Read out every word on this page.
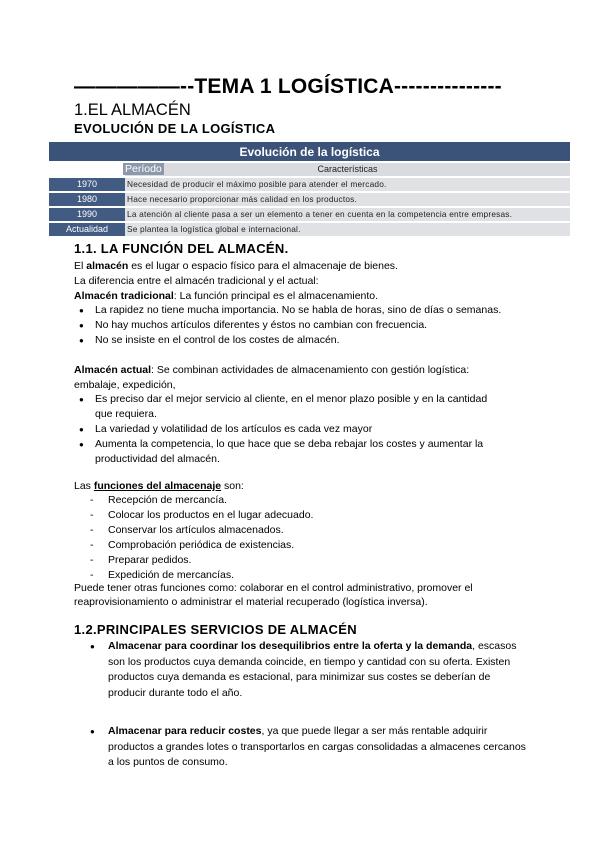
—————--TEMA 1 LOGÍSTICA---------------
1.EL ALMACÉN
EVOLUCIÓN DE LA LOGÍSTICA
Evolución de la logística	

Período	Características
1970	Necesidad de producir el máximo posible para atender el mercado.
1980	Hace necesario proporcionar más calidad en los productos.
1990	La atención al cliente pasa a ser un elemento a tener en cuenta en la competencia entre empresas.
Actualidad	Se plantea la logística global e internacional.
1.1. LA FUNCIÓN DEL ALMACÉN.

El almacén es el lugar o espacio físico para el almacenaje de bienes.

La diferencia entre el almacén tradicional y el actual:

Almacén tradicional: La función principal es el almacenamiento.

● La rapidez no tiene mucha importancia. No se habla de horas, sino de días o semanas.
● No hay muchos artículos diferentes y éstos no cambian con frecuencia.
● No se insiste en el control de los costes de almacén.

Almacén actual: Se combinan actividades de almacenamiento con gestión logística:

embalaje, expedición,

● Es preciso dar el mejor servicio al cliente, en el menor plazo posible y en la cantidad
que requiera.
● La variedad y volatilidad de los artículos es cada vez mayor
● Aumenta la competencia, lo que hace que se deba rebajar los costes y aumentar la
productividad del almacén.

Las funciones del almacenaje son:

- Recepción de mercancía.
- Colocar los productos en el lugar adecuado.
- Conservar los artículos almacenados.
- Comprobación periódica de existencias.
- Preparar pedidos.
- Expedición de mercancías.

Puede tener otras funciones como: colaborar en el control administrativo, promover el

reaprovisionamiento o administrar el material recuperado (logística inversa).

1.2.PRINCIPALES SERVICIOS DE ALMACÉN
● Almacenar para coordinar los desequilibrios entre la oferta y la demanda, escasos son los productos cuya demanda coincide, en tiempo y cantidad con su oferta. Existen productos cuya demanda es estacional, para minimizar sus costes se deberían de producir durante todo el año.
● Almacenar para reducir costes, ya que puede llegar a ser más rentable adquirir productos a grandes lotes o transportarlos en cargas consolidadas a almacenes cercanos a los puntos de consumo.
